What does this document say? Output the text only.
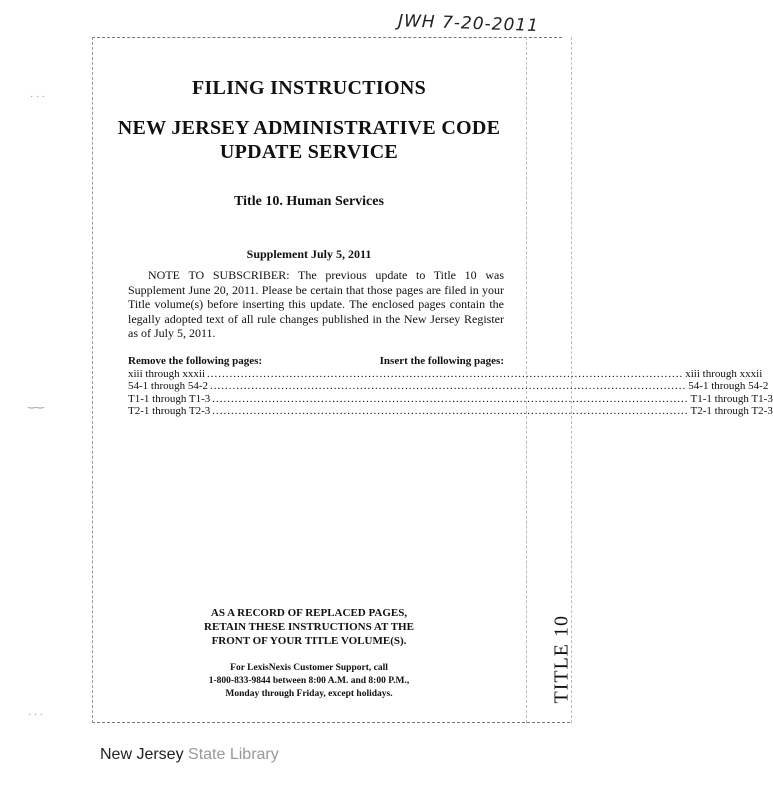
JWH 7-20-2011
· · ·
‿‿
· · ·
FILING INSTRUCTIONS
NEW JERSEY ADMINISTRATIVE CODE
UPDATE SERVICE
Title 10. Human Services
Supplement July 5, 2011
NOTE TO SUBSCRIBER: The previous update to Title 10 was Supplement June 20, 2011. Please be certain that those pages are filed in your Title volume(s) before inserting this update. The enclosed pages contain the legally adopted text of all rule changes published in the New Jersey Register as of July 5, 2011.
Remove the following pages:	Insert the following pages:
xiii through xxxii ............................................................................................................................... xiii through xxxii
54-1 through 54-2 ............................................................................................................................... 54-1 through 54-2
T1-1 through T1-3 ............................................................................................................................... T1-1 through T1-3
T2-1 through T2-3 ............................................................................................................................... T2-1 through T2-3
AS A RECORD OF REPLACED PAGES,
RETAIN THESE INSTRUCTIONS AT THE
FRONT OF YOUR TITLE VOLUME(S).
For LexisNexis Customer Support, call
1-800-833-9844 between 8:00 A.M. and 8:00 P.M.,
Monday through Friday, except holidays.	TITLE 10
New Jersey State Library
